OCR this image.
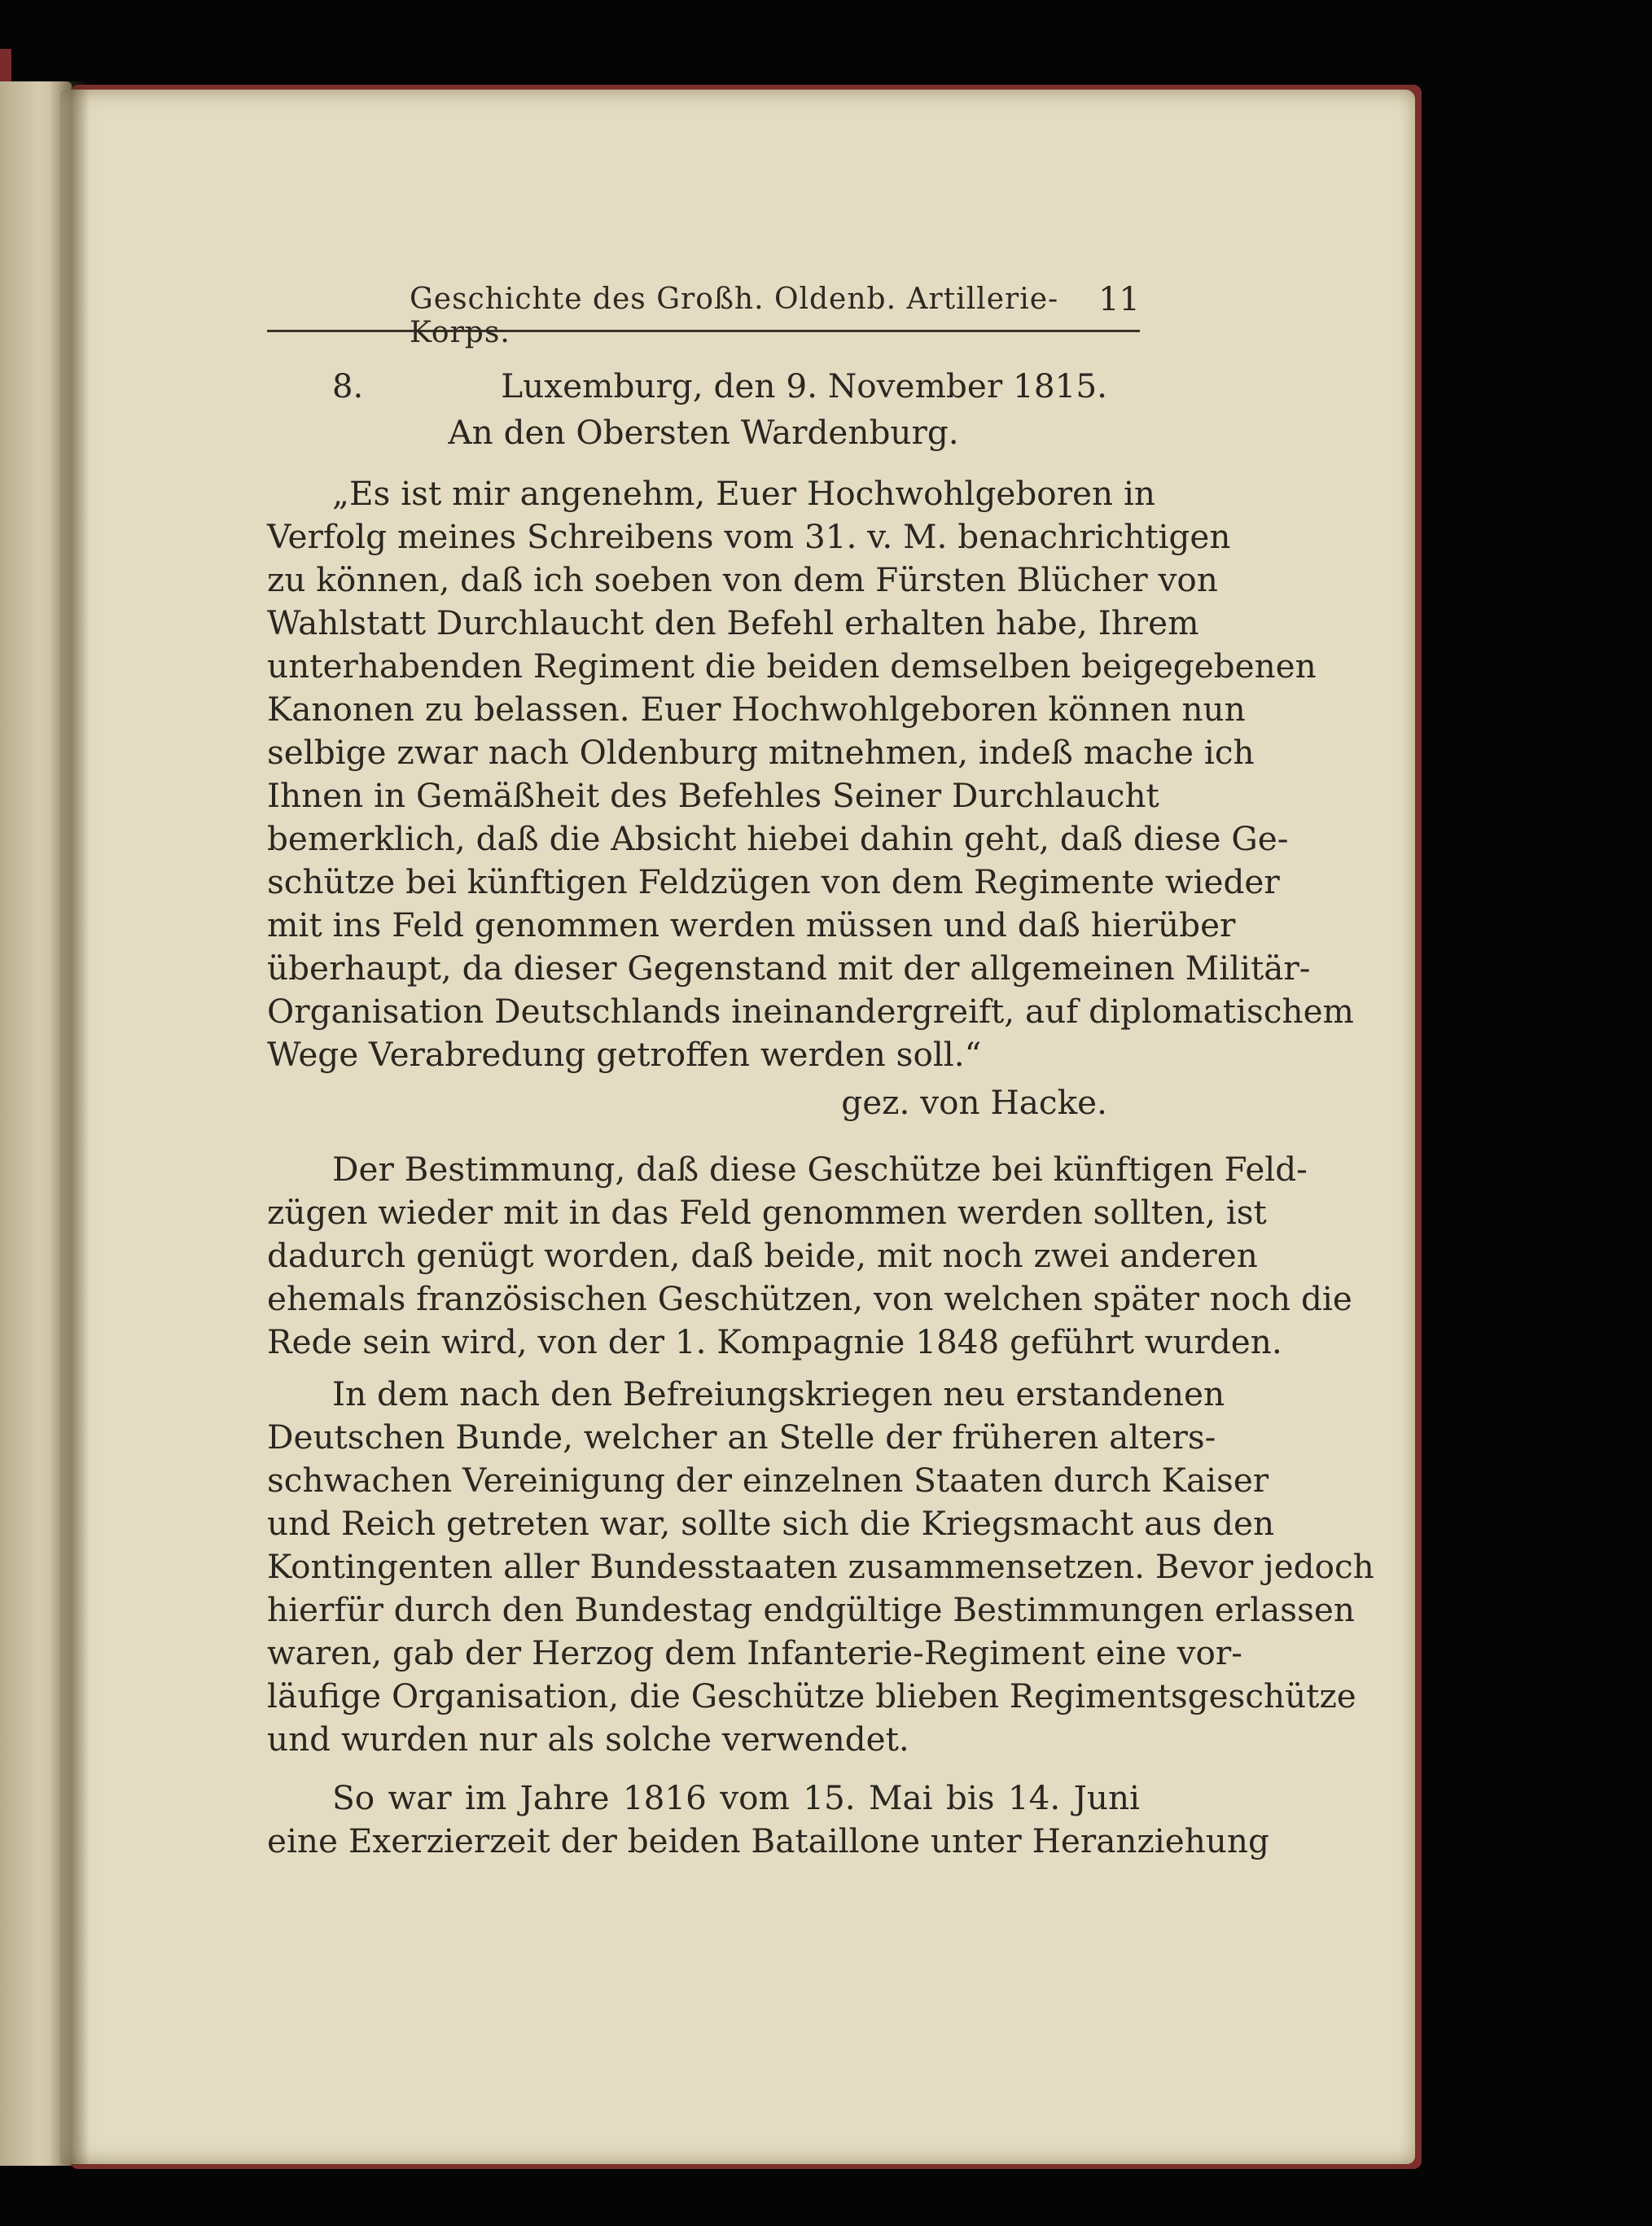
Geschichte des Großh. Oldenb. Artillerie-Korps.
11
8.	Luxemburg, den 9. November 1815.
An den Obersten Wardenburg.
„Es ist mir angenehm, Euer Hochwohlgeboren in
Verfolg meines Schreibens vom 31. v. M. benachrichtigen
zu können, daß ich soeben von dem Fürsten Blücher von
Wahlstatt Durchlaucht den Befehl erhalten habe, Ihrem
unterhabenden Regiment die beiden demselben beigegebenen
Kanonen zu belassen. Euer Hochwohlgeboren können nun
selbige zwar nach Oldenburg mitnehmen, indeß mache ich
Ihnen in Gemäßheit des Befehles Seiner Durchlaucht
bemerklich, daß die Absicht hiebei dahin geht, daß diese Ge-
schütze bei künftigen Feldzügen von dem Regimente wieder
mit ins Feld genommen werden müssen und daß hierüber
überhaupt, da dieser Gegenstand mit der allgemeinen Militär-
Organisation Deutschlands ineinandergreift, auf diplomatischem
Wege Verabredung getroffen werden soll.“
gez. von Hacke.
Der Bestimmung, daß diese Geschütze bei künftigen Feld-
zügen wieder mit in das Feld genommen werden sollten, ist
dadurch genügt worden, daß beide, mit noch zwei anderen
ehemals französischen Geschützen, von welchen später noch die
Rede sein wird, von der 1. Kompagnie 1848 geführt wurden.
In dem nach den Befreiungskriegen neu erstandenen
Deutschen Bunde, welcher an Stelle der früheren alters-
schwachen Vereinigung der einzelnen Staaten durch Kaiser
und Reich getreten war, sollte sich die Kriegsmacht aus den
Kontingenten aller Bundesstaaten zusammensetzen. Bevor jedoch
hierfür durch den Bundestag endgültige Bestimmungen erlassen
waren, gab der Herzog dem Infanterie-Regiment eine vor-
läufige Organisation, die Geschütze blieben Regimentsgeschütze
und wurden nur als solche verwendet.
So war im Jahre 1816 vom 15. Mai bis 14. Juni
eine Exerzierzeit der beiden Bataillone unter Heranziehung
